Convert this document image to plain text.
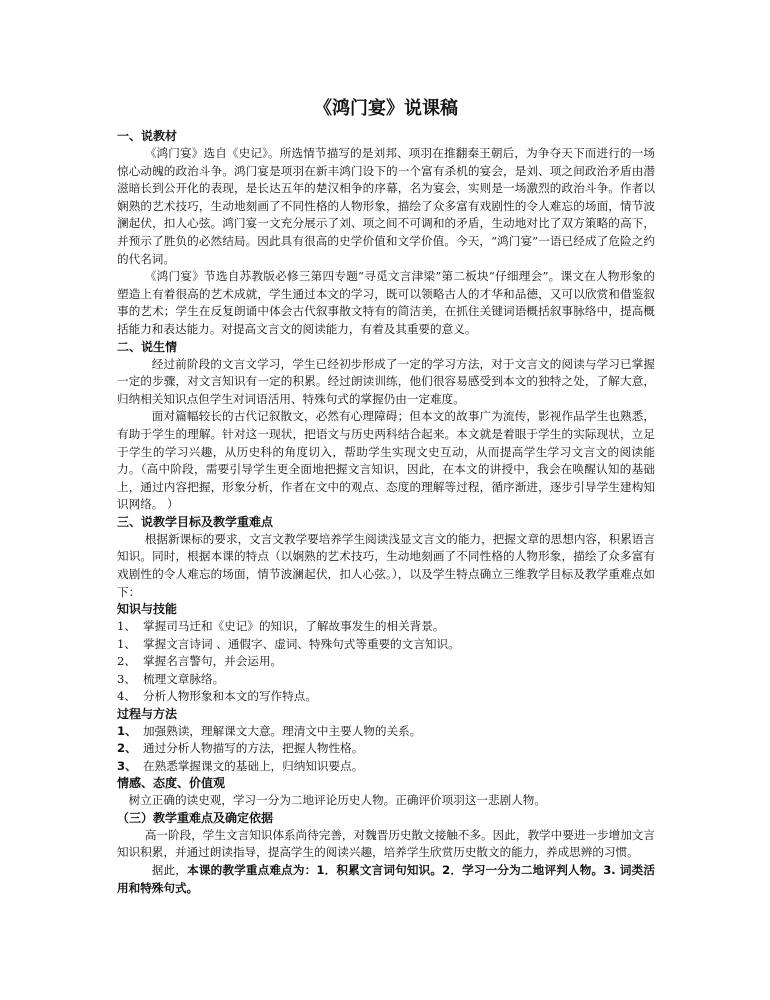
《鸿门宴》说课稿
一、说教材

《鸿门宴》选自《史记》。所选情节描写的是刘邦、项羽在推翻秦王朝后，为争夺天下而进行的一场惊心动魄的政治斗争。鸿门宴是项羽在新丰鸿门设下的一个富有杀机的宴会，是刘、项之间政治矛盾由潜滋暗长到公开化的表现，是长达五年的楚汉相争的序幕，名为宴会，实则是一场激烈的政治斗争。作者以娴熟的艺术技巧，生动地刻画了不同性格的人物形象，描绘了众多富有戏剧性的令人难忘的场面，情节波澜起伏，扣人心弦。鸿门宴一文充分展示了刘、项之间不可调和的矛盾，生动地对比了双方策略的高下，并预示了胜负的必然结局。因此具有很高的史学价值和文学价值。今天，“鸿门宴”一语已经成了危险之约的代名词。

《鸿门宴》节选自苏教版必修三第四专题“寻觅文言津梁”第二板块“仔细理会”。课文在人物形象的塑造上有着很高的艺术成就，学生通过本文的学习，既可以领略古人的才华和品德，又可以欣赏和借鉴叙事的艺术；学生在反复朗诵中体会古代叙事散文特有的简洁美，在抓住关键词语概括叙事脉络中，提高概括能力和表达能力。对提高文言文的阅读能力，有着及其重要的意义。

二、说生情

经过前阶段的文言文学习，学生已经初步形成了一定的学习方法，对于文言文的阅读与学习已掌握一定的步骤，对文言知识有一定的积累。经过朗读训练，他们很容易感受到本文的独特之处，了解大意，归纳相关知识点但学生对词语活用、特殊句式的掌握仍由一定难度。

面对篇幅较长的古代记叙散文，必然有心理障碍；但本文的故事广为流传，影视作品学生也熟悉，有助于学生的理解。针对这一现状，把语文与历史两科结合起来。本文就是着眼于学生的实际现状，立足于学生的学习兴趣，从历史科的角度切入，帮助学生实现文史互动，从而提高学生学习文言文的阅读能力。（高中阶段，需要引导学生更全面地把握文言知识，因此，在本文的讲授中，我会在唤醒认知的基础上，通过内容把握，形象分析，作者在文中的观点、态度的理解等过程，循序渐进，逐步引导学生建构知识网络。 ）

三、说教学目标及教学重难点

根据新课标的要求，文言文教学要培养学生阅读浅显文言文的能力，把握文章的思想内容，积累语言知识。同时，根据本课的特点（以娴熟的艺术技巧，生动地刻画了不同性格的人物形象，描绘了众多富有戏剧性的令人难忘的场面，情节波澜起伏，扣人心弦。），以及学生特点确立三维教学目标及教学重难点如下：

知识与技能
1、 掌握司马迁和《史记》的知识，了解故事发生的相关背景。
1、 掌握文言诗词 、通假字、虚词、特殊句式等重要的文言知识。
2、 掌握名言警句，并会运用。
3、 梳理文章脉络。
4、 分析人物形象和本文的写作特点。
过程与方法
1、 加强熟读，理解课文大意。理清文中主要人物的关系。
2、 通过分析人物描写的方法，把握人物性格。
3、 在熟悉掌握课文的基础上，归纳知识要点。
情感、态度、价值观

树立正确的读史观，学习一分为二地评论历史人物。正确评价项羽这一悲剧人物。

（三）教学重难点及确定依据

高一阶段，学生文言知识体系尚待完善，对魏晋历史散文接触不多。因此，教学中要进一步增加文言知识积累，并通过朗读指导，提高学生的阅读兴趣，培养学生欣赏历史散文的能力，养成思辨的习惯。

据此，本课的教学重点难点为：1．积累文言词句知识。2．学习一分为二地评判人物。3. 词类活用和特殊句式。
